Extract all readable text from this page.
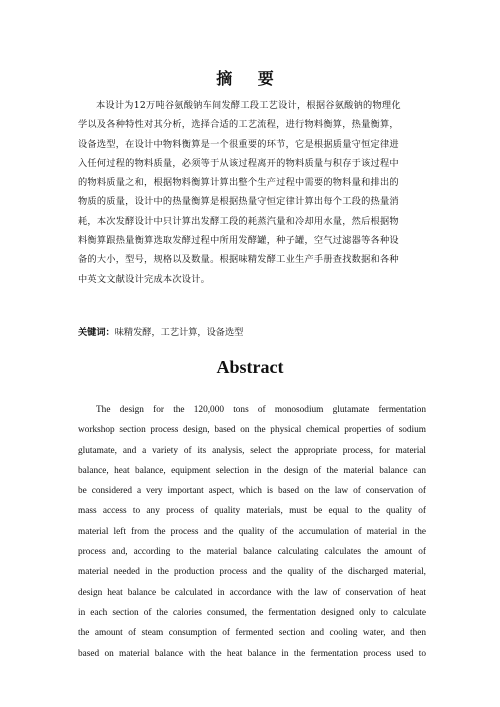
摘 要
本设计为12万吨谷氨酸钠车间发酵工段工艺设计，根据谷氨酸钠的物理化
学以及各种特性对其分析，选择合适的工艺流程，进行物料衡算，热量衡算，
设备选型，在设计中物料衡算是一个很重要的环节，它是根据质量守恒定律进
入任何过程的物料质量，必须等于从该过程离开的物料质量与积存于该过程中
的物料质量之和，根据物料衡算计算出整个生产过程中需要的物料量和排出的
物质的质量，设计中的热量衡算是根据热量守恒定律计算出每个工段的热量消
耗，本次发酵设计中只计算出发酵工段的耗蒸汽量和冷却用水量，然后根据物
料衡算跟热量衡算选取发酵过程中所用发酵罐，种子罐，空气过滤器等各种设
备的大小，型号，规格以及数量。根据味精发酵工业生产手册查找数据和各种
中英文文献设计完成本次设计。
关键词：味精发酵，工艺计算，设备选型
Abstract
The design for the 120,000 tons of monosodium glutamate fermentation
workshop section process design, based on the physical chemical properties of sodium
glutamate, and a variety of its analysis, select the appropriate process, for material
balance, heat balance, equipment selection in the design of the material balance can
be considered a very important aspect, which is based on the law of conservation of
mass access to any process of quality materials, must be equal to the quality of
material left from the process and the quality of the accumulation of material in the
process and, according to the material balance calculating calculates the amount of
material needed in the production process and the quality of the discharged material,
design heat balance be calculated in accordance with the law of conservation of heat
in each section of the calories consumed, the fermentation designed only to calculate
the amount of steam consumption of fermented section and cooling water, and then
based on material balance with the heat balance in the fermentation process used to
